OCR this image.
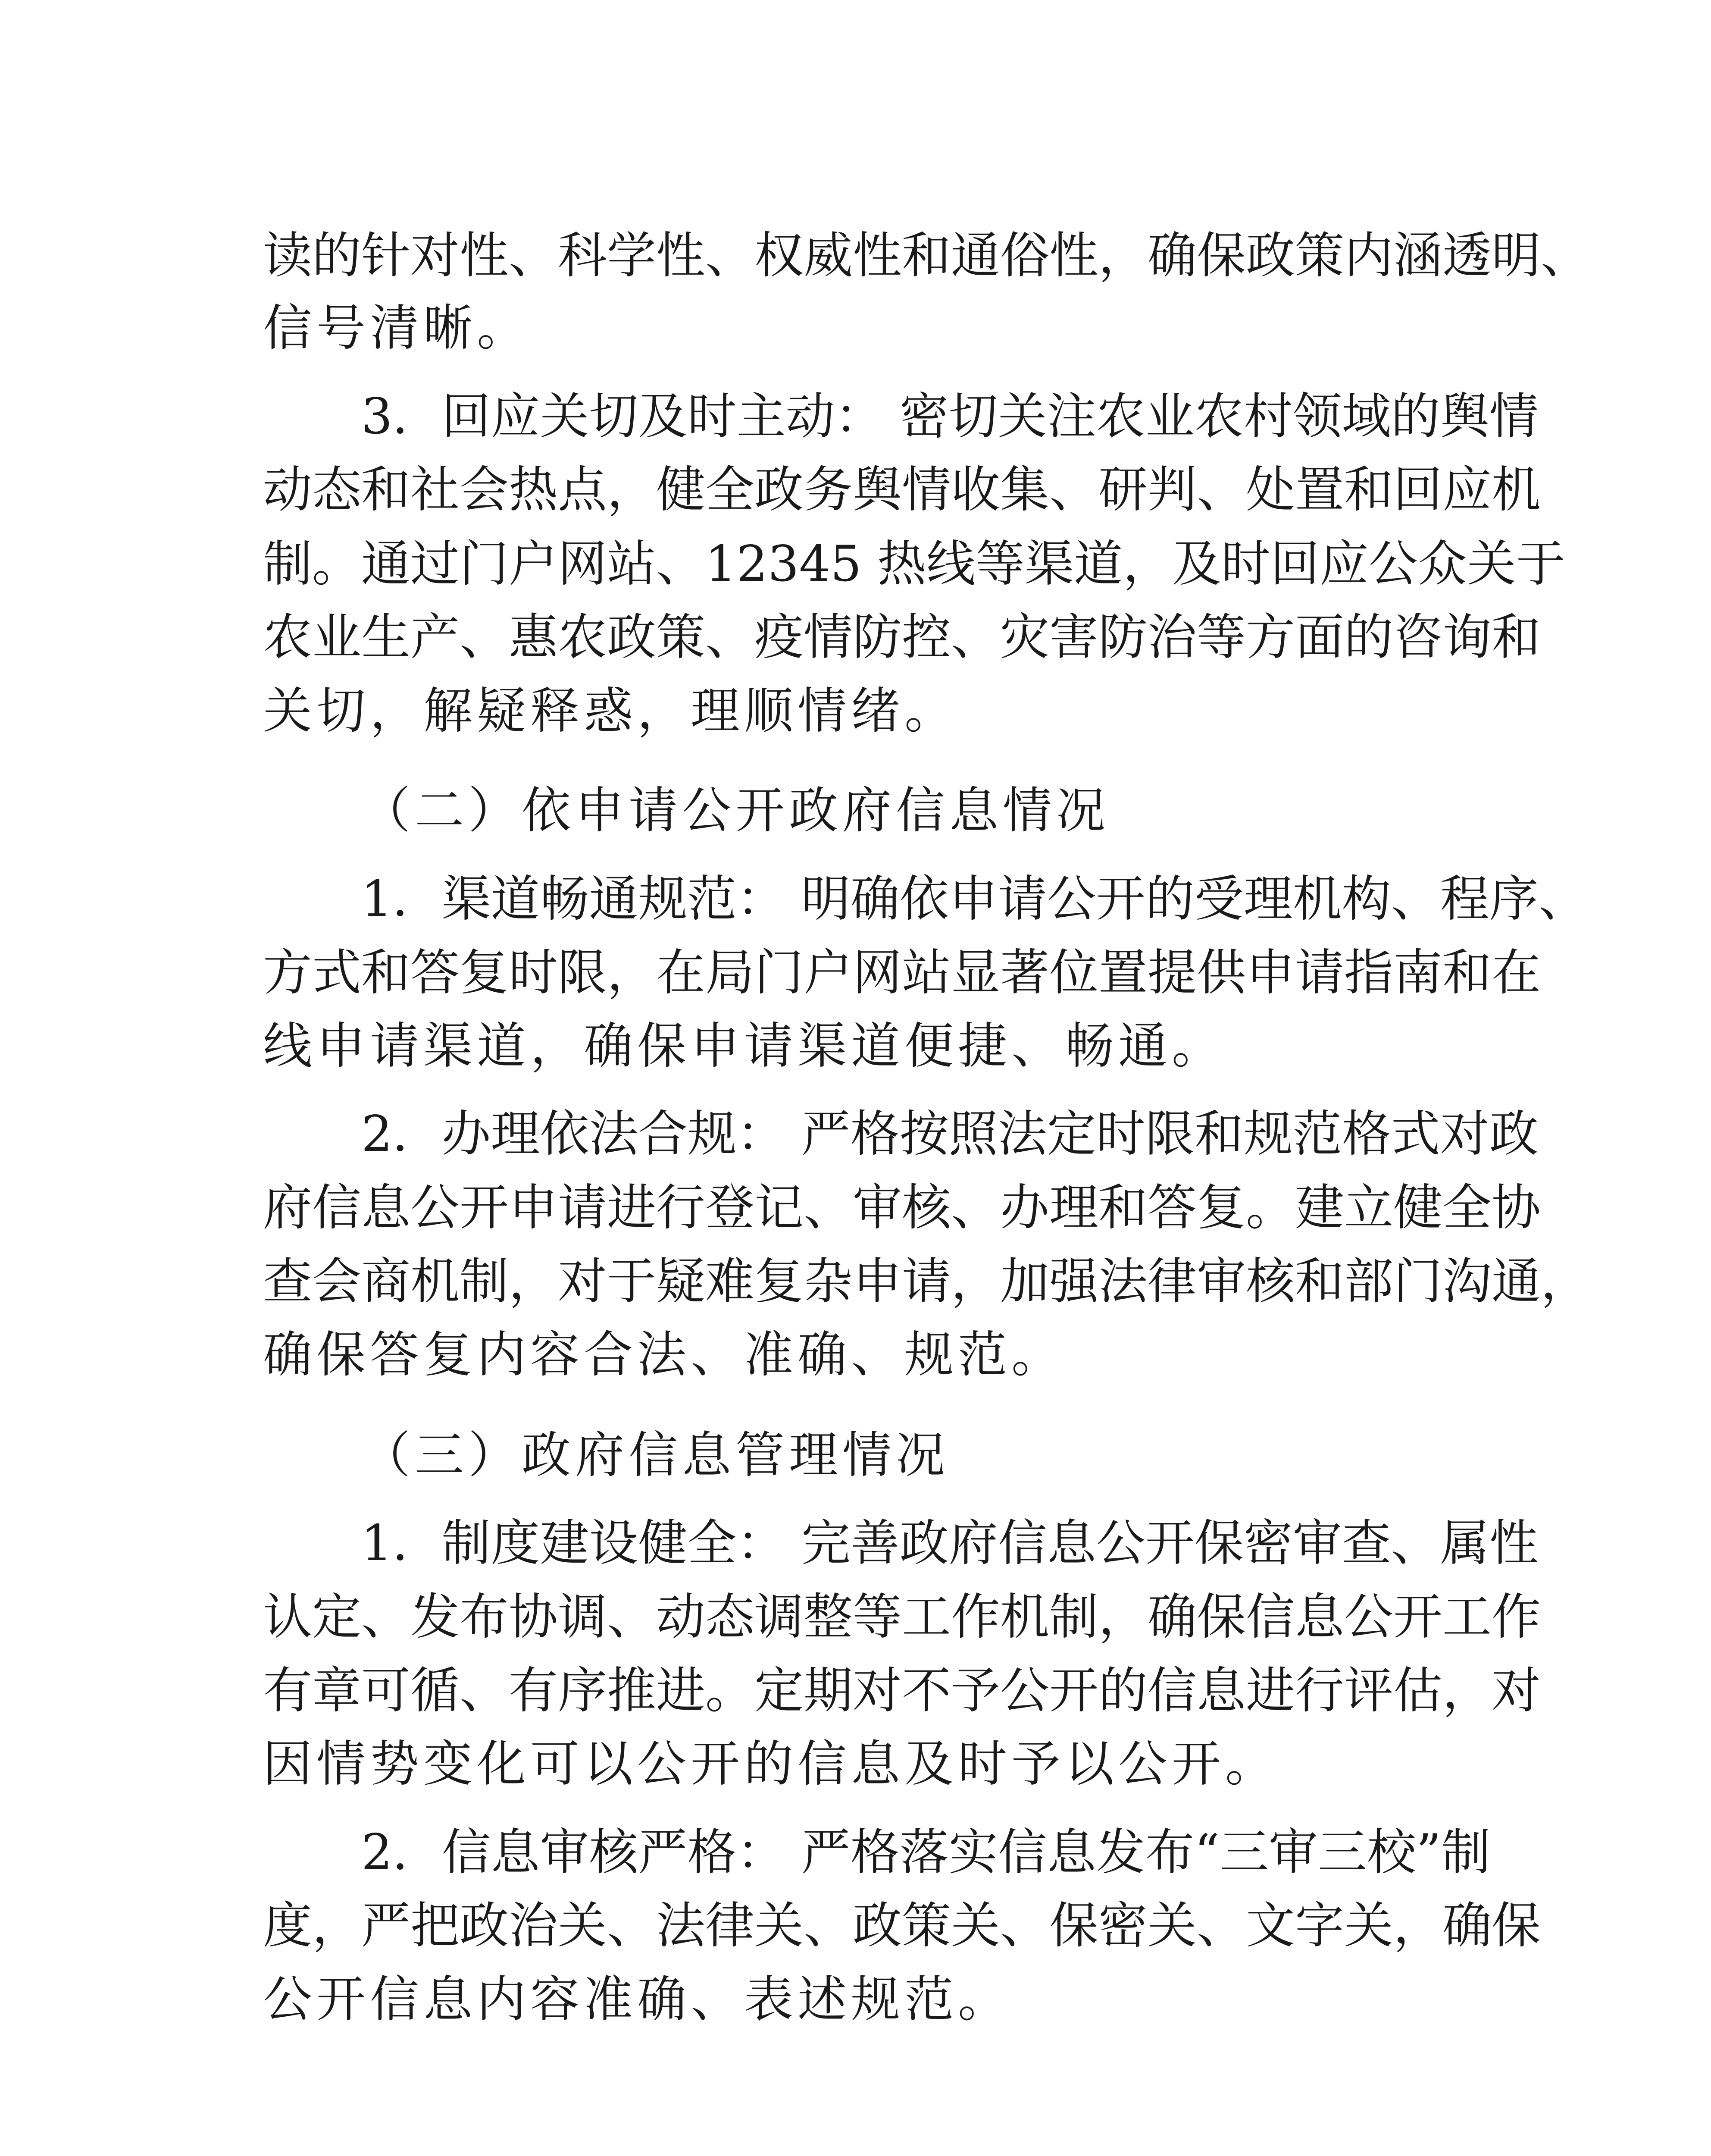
读的针对性、科学性、权威性和通俗性，确保政策内涵透明、
信号清晰。
3．回应关切及时主动： 密切关注农业农村领域的舆情
动态和社会热点，健全政务舆情收集、研判、处置和回应机
制。通过门户网站、12345 热线等渠道，及时回应公众关于
农业生产、惠农政策、疫情防控、灾害防治等方面的咨询和
关切，解疑释惑，理顺情绪。
（二）依申请公开政府信息情况
1．渠道畅通规范： 明确依申请公开的受理机构、程序、
方式和答复时限，在局门户网站显著位置提供申请指南和在
线申请渠道，确保申请渠道便捷、畅通。
2．办理依法合规： 严格按照法定时限和规范格式对政
府信息公开申请进行登记、审核、办理和答复。建立健全协
查会商机制，对于疑难复杂申请，加强法律审核和部门沟通，
确保答复内容合法、准确、规范。
（三）政府信息管理情况
1．制度建设健全： 完善政府信息公开保密审查、属性
认定、发布协调、动态调整等工作机制，确保信息公开工作
有章可循、有序推进。定期对不予公开的信息进行评估，对
因情势变化可以公开的信息及时予以公开。
2．信息审核严格： 严格落实信息发布“三审三校”制
度，严把政治关、法律关、政策关、保密关、文字关，确保
公开信息内容准确、表述规范。
